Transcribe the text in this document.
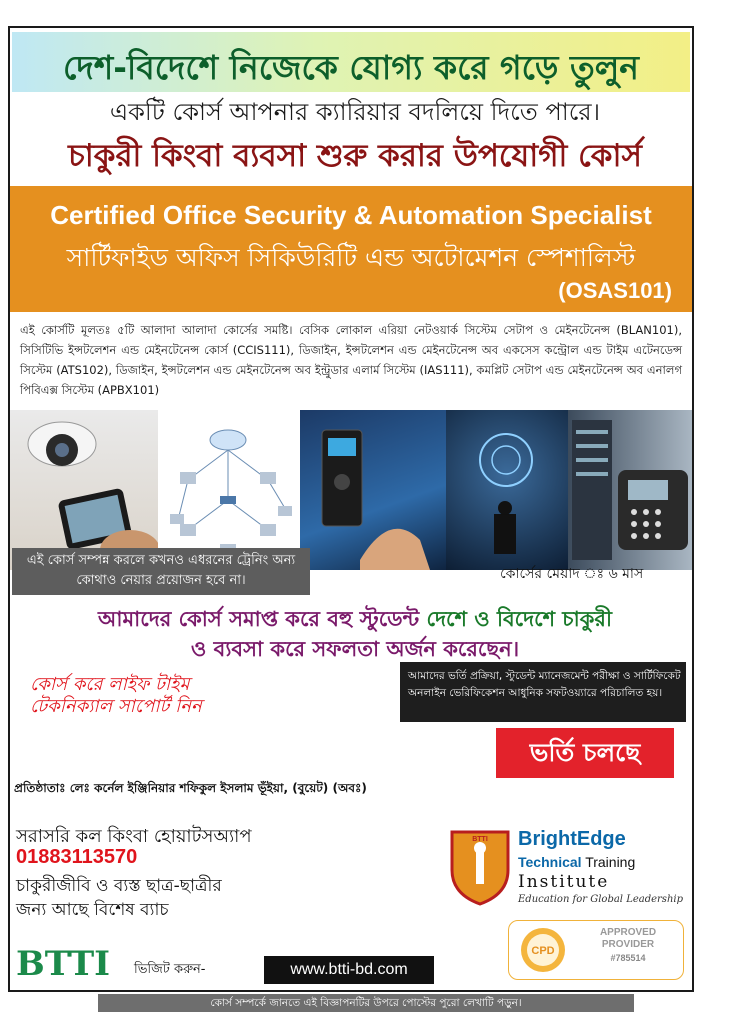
দেশ-বিদেশে নিজেকে যোগ্য করে গড়ে তুলুন
একটি কোর্স আপনার ক্যারিয়ার বদলিয়ে দিতে পারে।
চাকুরী কিংবা ব্যবসা শুরু করার উপযোগী কোর্স
Certified Office Security & Automation Specialist
সার্টিফাইড অফিস সিকিউরিটি এন্ড অটোমেশন স্পেশালিস্ট
(OSAS101)
এই কোর্সটি মূলতঃ ৫টি আলাদা আলাদা কোর্সের সমষ্টি। বেসিক লোকাল এরিয়া নেটওয়ার্ক সিস্টেম সেটাপ ও মেইনটেনেন্স (BLAN101), সিসিটিভি ইন্সটলেশন এন্ড মেইনটেনেন্স কোর্স (CCIS111), ডিজাইন, ইন্সটলেশন এন্ড মেইনটেনেন্স অব একসেস কন্ট্রোল এন্ড টাইম এটেনডেন্স সিস্টেম (ATS102), ডিজাইন, ইন্সটলেশন এন্ড মেইনটেনেন্স অব ইন্ট্রুডার এলার্ম সিস্টেম (IAS111), কমপ্লিট সেটাপ এন্ড মেইনটেনেন্স অব এনালগ পিবিএক্স সিস্টেম (APBX101)
এই কোর্স সম্পন্ন করলে কখনও এধরনের ট্রেনিং অন্য কোথাও নেয়ার প্রয়োজন হবে না।	কোর্সের মেয়াদ ঃ ৬ মাস
আমাদের কোর্স সমাপ্ত করে বহু স্টুডেন্ট দেশে ও বিদেশে চাকুরী
ও ব্যবসা করে সফলতা অর্জন করেছেন।
কোর্স করে লাইফ টাইম টেকনিক্যাল সাপোর্ট নিন
আমাদের ভর্তি প্রক্রিয়া, স্টুডেন্ট ম্যানেজমেন্ট পরীক্ষা ও সার্টিফিকেট অনলাইন ভেরিফিকেশন আধুনিক সফটওয়্যারে পরিচালিত হয়।
ভর্তি চলছে
প্রতিষ্ঠাতাঃ লেঃ কর্নেল ইঞ্জিনিয়ার শফিকুল ইসলাম ভূঁইয়া, (বুয়েট) (অবঃ)
সরাসরি কল কিংবা হোয়াটসঅ্যাপ
01883113570
চাকুরীজীবি ও ব্যস্ত ছাত্র-ছাত্রীর জন্য আছে বিশেষ ব্যাচ
BTTI BrightEdge
Technical Training
Institute
Education for Global Leadership
CPD
APPROVED
PROVIDER
#785514
BTTI ভিজিট করুন-	www.btti-bd.com
কোর্স সম্পর্কে জানতে এই বিজ্ঞাপনটির উপরে পোস্টের পুরো লেখাটি পড়ুন।
